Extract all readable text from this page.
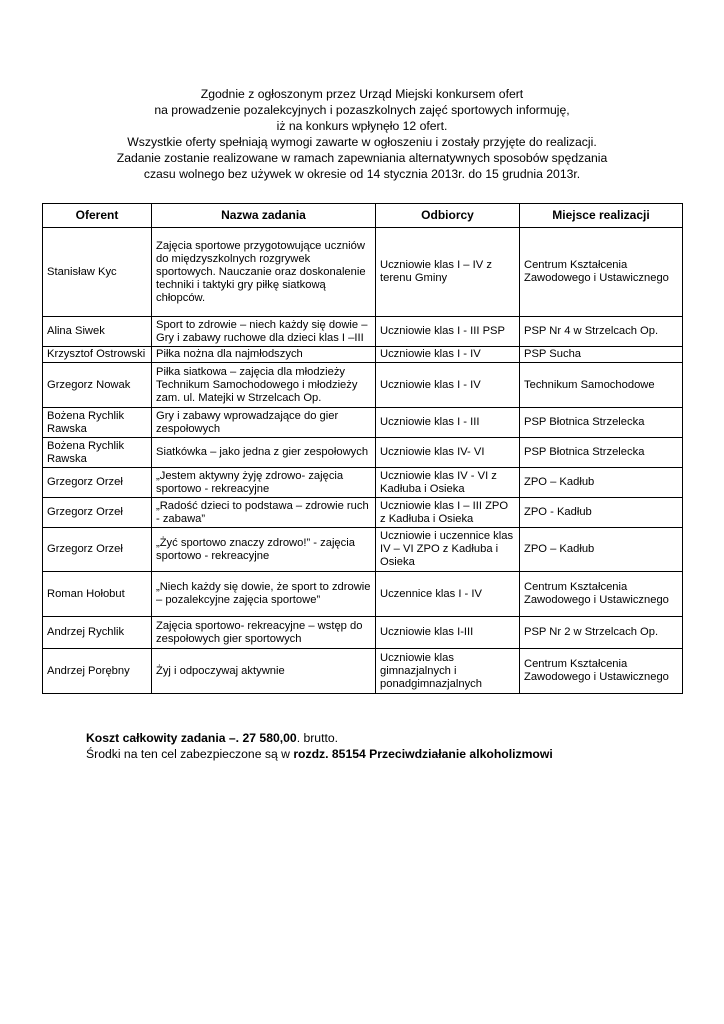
Zgodnie z ogłoszonym przez Urząd Miejski konkursem ofert
na prowadzenie pozalekcyjnych i pozaszkolnych zajęć sportowych informuję,
iż na konkurs wpłynęło 12 ofert.
Wszystkie oferty spełniają wymogi zawarte w ogłoszeniu i zostały przyjęte do realizacji.
Zadanie zostanie realizowane w ramach zapewniania alternatywnych sposobów spędzania
czasu wolnego bez używek w okresie od 14 stycznia 2013r. do 15 grudnia 2013r.
Oferent	Nazwa zadania	Odbiorcy	Miejsce realizacji
Stanisław Kyc	Zajęcia sportowe przygotowujące uczniów do międzyszkolnych rozgrywek sportowych. Nauczanie oraz doskonalenie techniki i taktyki gry piłkę siatkową chłopców.	Uczniowie klas I – IV z terenu Gminy	Centrum Kształcenia Zawodowego i Ustawicznego
Alina Siwek	Sport to zdrowie – niech każdy się dowie – Gry i zabawy ruchowe dla dzieci klas I –III	Uczniowie klas I - III PSP	PSP Nr 4 w Strzelcach Op.
Krzysztof Ostrowski	Piłka nożna dla najmłodszych	Uczniowie klas I - IV	PSP Sucha
Grzegorz Nowak	Piłka siatkowa – zajęcia dla młodzieży Technikum Samochodowego i młodzieży zam. ul. Matejki w Strzelcach Op.	Uczniowie klas I - IV	Technikum Samochodowe
Bożena Rychlik Rawska	Gry i zabawy wprowadzające do gier zespołowych	Uczniowie klas I - III	PSP Błotnica Strzelecka
Bożena Rychlik Rawska	Siatkówka – jako jedna z gier zespołowych	Uczniowie klas IV- VI	PSP Błotnica Strzelecka
Grzegorz Orzeł	„Jestem aktywny żyję zdrowo- zajęcia sportowo - rekreacyjne	Uczniowie klas IV - VI z Kadłuba i Osieka	ZPO – Kadłub
Grzegorz Orzeł	„Radość dzieci to podstawa – zdrowie ruch - zabawa”	Uczniowie klas I – III ZPO z Kadłuba i Osieka	ZPO - Kadłub
Grzegorz Orzeł	„Żyć sportowo znaczy zdrowo!” - zajęcia sportowo - rekreacyjne	Uczniowie i uczennice klas IV – VI ZPO z Kadłuba i Osieka	ZPO – Kadłub
Roman Hołobut	„Niech każdy się dowie, że sport to zdrowie – pozalekcyjne zajęcia sportowe”	Uczennice klas I - IV	Centrum Kształcenia Zawodowego i Ustawicznego
Andrzej Rychlik	Zajęcia sportowo- rekreacyjne – wstęp do zespołowych gier sportowych	Uczniowie klas I-III	PSP Nr 2 w Strzelcach Op.
Andrzej Porębny	Żyj i odpoczywaj aktywnie	Uczniowie klas gimnazjalnych i ponadgimnazjalnych	Centrum Kształcenia Zawodowego i Ustawicznego
Koszt całkowity zadania –. 27 580,00. brutto.
Środki na ten cel zabezpieczone są w rozdz. 85154 Przeciwdziałanie alkoholizmowi
